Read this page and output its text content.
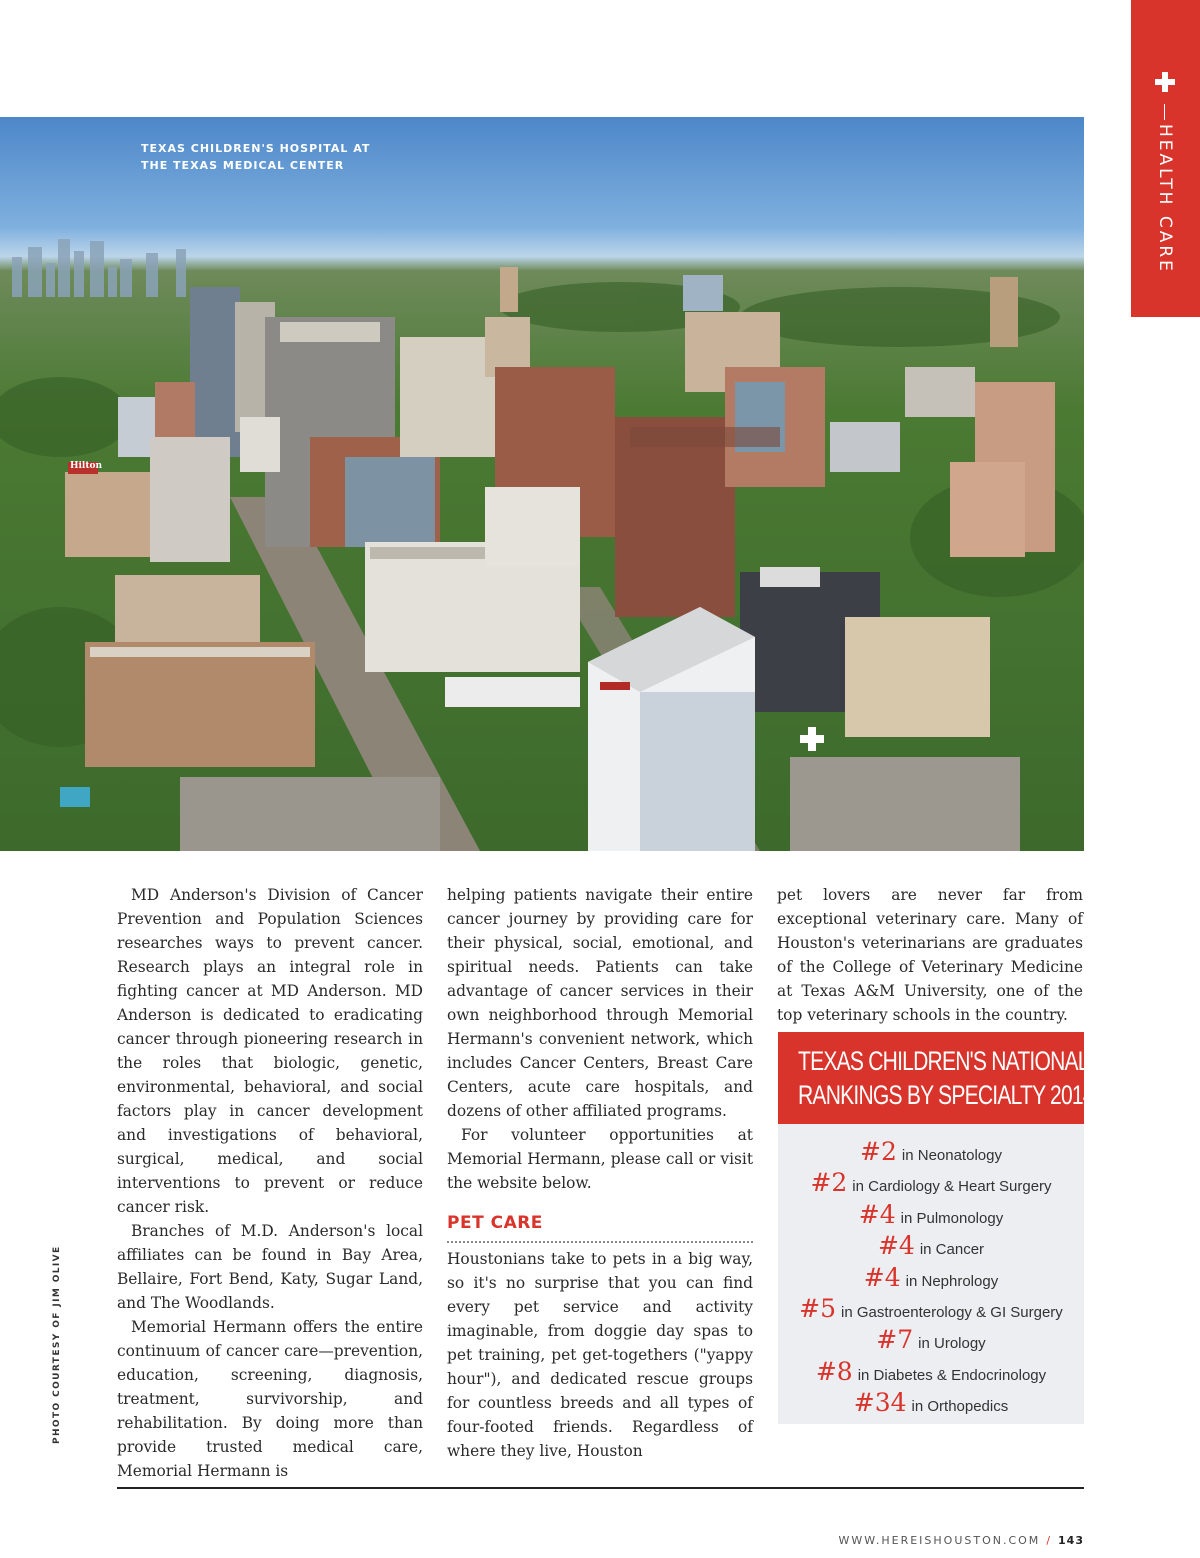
HEALTH CARE
Hilton
TEXAS CHILDREN'S HOSPITAL AT
THE TEXAS MEDICAL CENTER
PHOTO COURTESY OF JIM OLIVE

MD Anderson's Division of Cancer Prevention and Population Sciences researches ways to prevent cancer. Research plays an integral role in fighting cancer at MD Anderson. MD Anderson is dedicated to eradicating cancer through pioneering research in the roles that biologic, genetic, environmental, behavioral, and social factors play in cancer development and investigations of behavioral, surgical, medical, and social interventions to prevent or reduce cancer risk.

Branches of M.D. Anderson's local affiliates can be found in Bay Area, Bellaire, Fort Bend, Katy, Sugar Land, and The Woodlands.

Memorial Hermann offers the entire continuum of cancer care—prevention, education, screening, diagnosis, treatment, survivorship, and rehabilitation. By doing more than provide trusted medical care, Memorial Hermann is

helping patients navigate their entire cancer journey by providing care for their physical, social, emotional, and spiritual needs. Patients can take advantage of cancer services in their own neighborhood through Memorial Hermann's convenient network, which includes Cancer Centers, Breast Care Centers, acute care hospitals, and dozens of other affiliated programs.

For volunteer opportunities at Memorial Hermann, please call or visit the website below.

PET CARE

Houstonians take to pets in a big way, so it's no surprise that you can find every pet service and activity imaginable, from doggie day spas to pet training, pet get-togethers ("yappy hour"), and dedicated rescue groups for countless breeds and all types of four-footed friends. Regardless of where they live, Houston

pet lovers are never far from exceptional veterinary care. Many of Houston's veterinarians are graduates of the College of Veterinary Medicine at Texas A&M University, one of the top veterinary schools in the country.

TEXAS CHILDREN'S NATIONAL
RANKINGS BY SPECIALTY 2014–2015
#2 in Neonatology
#2 in Cardiology & Heart Surgery
#4 in Pulmonology
#4 in Cancer
#4 in Nephrology
#5 in Gastroenterology & GI Surgery
#7 in Urology
#8 in Diabetes & Endocrinology
#34 in Orthopedics
WWW.HEREISHOUSTON.COM / 143
